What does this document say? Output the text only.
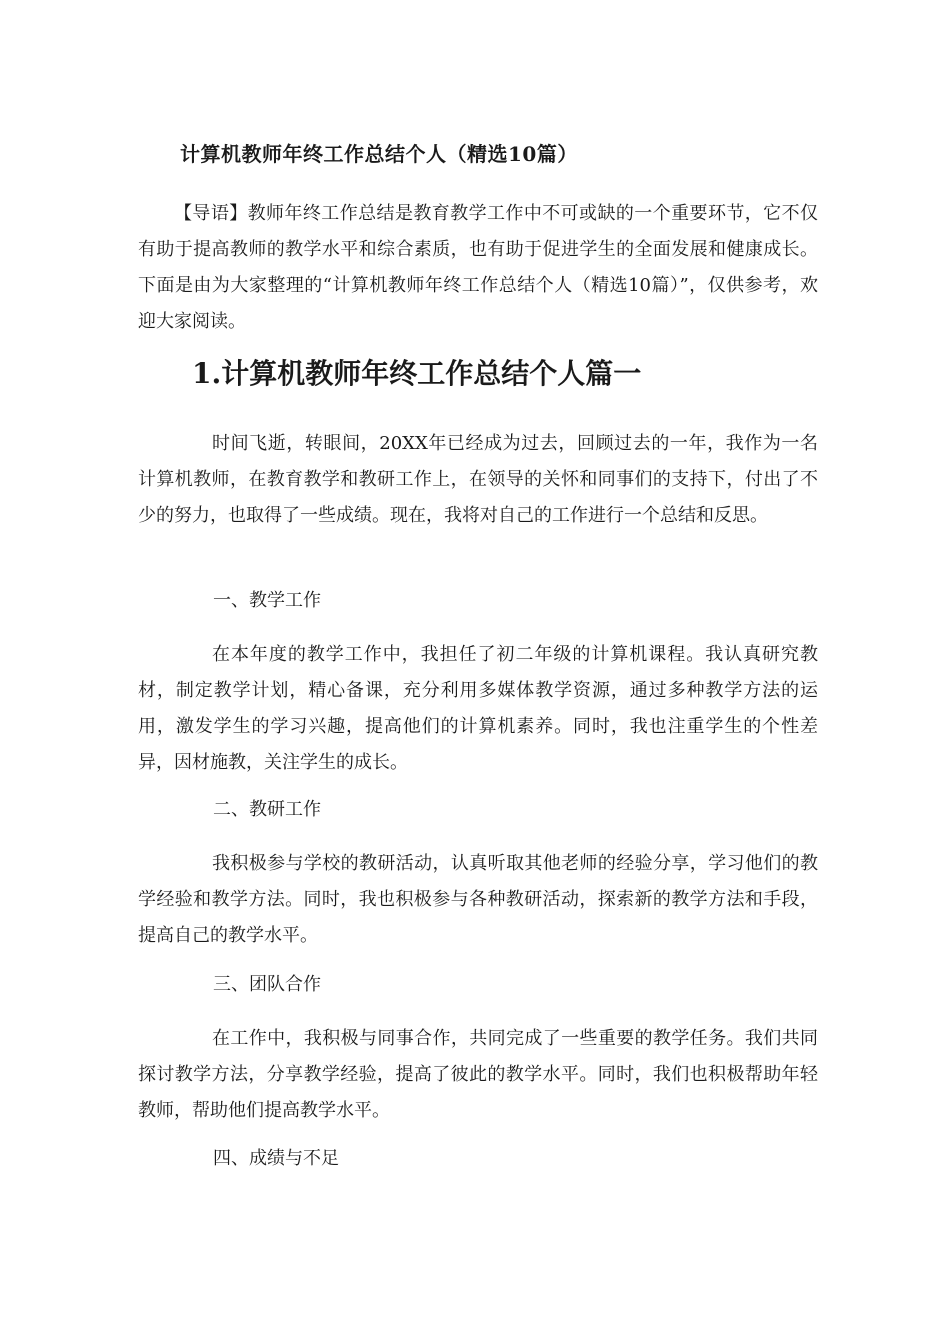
计算机教师年终工作总结个人（精选10篇）
【导语】教师年终工作总结是教育教学工作中不可或缺的一个重要环节，它不仅有助于提高教师的教学水平和综合素质，也有助于促进学生的全面发展和健康成长。下面是由为大家整理的“计算机教师年终工作总结个人（精选10篇）”，仅供参考，欢迎大家阅读。
1.计算机教师年终工作总结个人篇一
时间飞逝，转眼间，20XX年已经成为过去，回顾过去的一年，我作为一名计算机教师，在教育教学和教研工作上，在领导的关怀和同事们的支持下，付出了不少的努力，也取得了一些成绩。现在，我将对自己的工作进行一个总结和反思。
一、教学工作
在本年度的教学工作中，我担任了初二年级的计算机课程。我认真研究教材，制定教学计划，精心备课，充分利用多媒体教学资源，通过多种教学方法的运用，激发学生的学习兴趣，提高他们的计算机素养。同时，我也注重学生的个性差异，因材施教，关注学生的成长。
二、教研工作
我积极参与学校的教研活动，认真听取其他老师的经验分享，学习他们的教学经验和教学方法。同时，我也积极参与各种教研活动，探索新的教学方法和手段，提高自己的教学水平。
三、团队合作
在工作中，我积极与同事合作，共同完成了一些重要的教学任务。我们共同探讨教学方法，分享教学经验，提高了彼此的教学水平。同时，我们也积极帮助年轻教师，帮助他们提高教学水平。
四、成绩与不足
